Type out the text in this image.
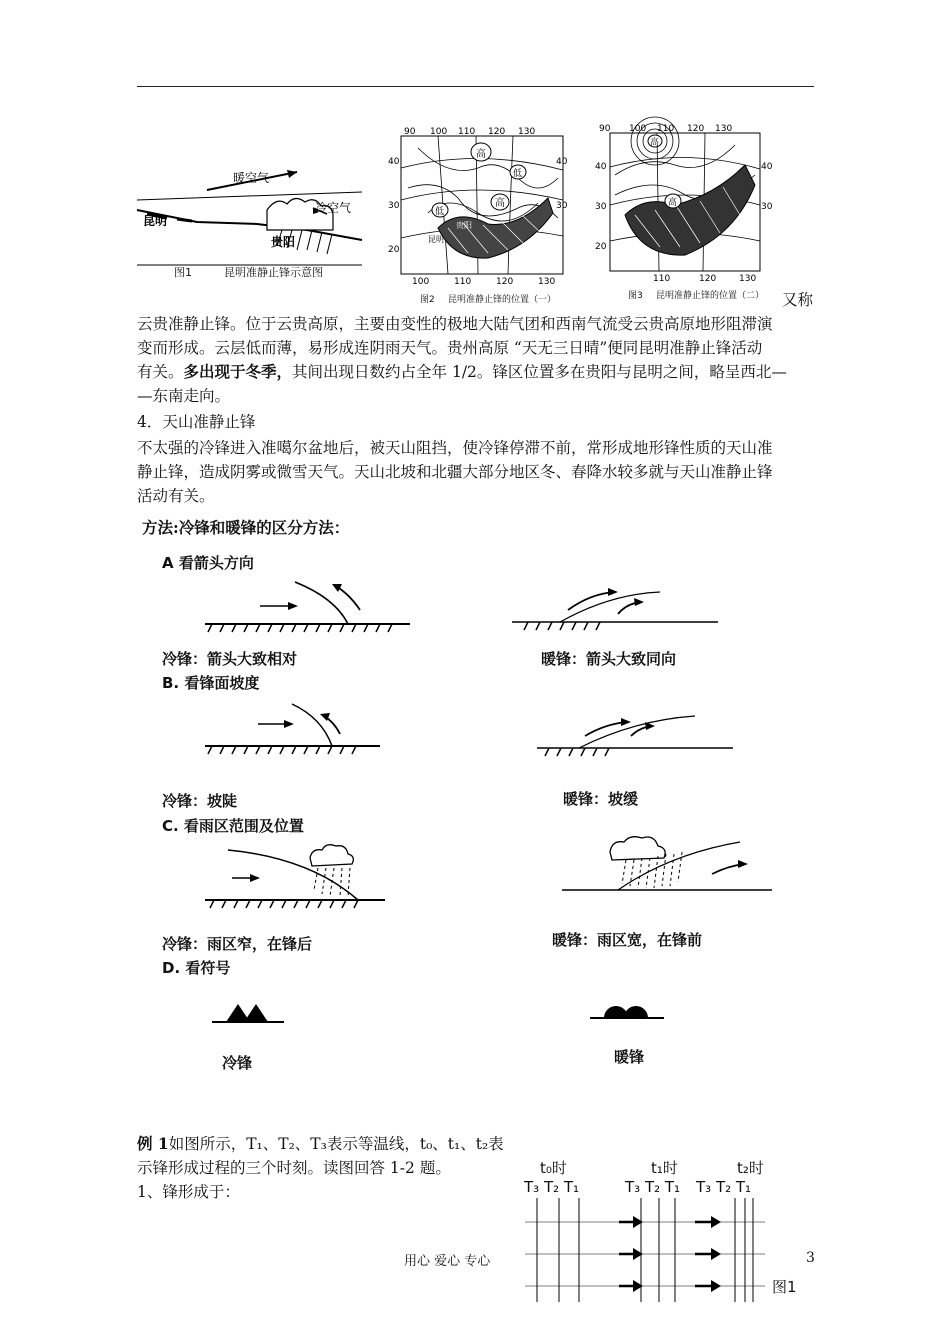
暖空气
冷空气
昆明
贵阳
图1	昆明准静止锋示意图
高
高
低
低
昆明
贵阳
90 100 110 120 130
100	110	120	130
40
30
20
40
30
图2 昆明准静止锋的位置（一）
高
高
90 100 110 120 130
110	120	130
40
30
20
40
30
图3 昆明准静止锋的位置（二） 又称
云贵准静止锋。位于云贵高原，主要由变性的极地大陆气团和西南气流受云贵高原地形阻滞演
变而形成。云层低而薄，易形成连阴雨天气。贵州高原 “天无三日晴”便同昆明准静止锋活动
有关。多出现于冬季，其间出现日数约占全年 1/2。锋区位置多在贵阳与昆明之间，略呈西北—
—东南走向。
4．天山准静止锋
不太强的冷锋进入准噶尔盆地后，被天山阻挡，使冷锋停滞不前，常形成地形锋性质的天山准
静止锋，造成阴雾或微雪天气。天山北坡和北疆大部分地区冬、春降水较多就与天山准静止锋
活动有关。
方法:冷锋和暖锋的区分方法：
A 看箭头方向
冷锋：箭头大致相对	暖锋：箭头大致同向
B. 看锋面坡度
冷锋：坡陡	暖锋：坡缓
C. 看雨区范围及位置
冷锋：雨区窄，在锋后	暖锋：雨区宽，在锋前
D. 看符号
冷锋	暖锋
例 1如图所示，T₁、T₂、T₃表示等温线，t₀、t₁、t₂表
示锋形成过程的三个时刻。读图回答 1-2 题。
1、锋形成于：
t₀时	t₁时	t₂时
T₃ T₂ T₁	T₃ T₂ T₁ T₃ T₂ T₁
图1
用心 爱心 专心	3
